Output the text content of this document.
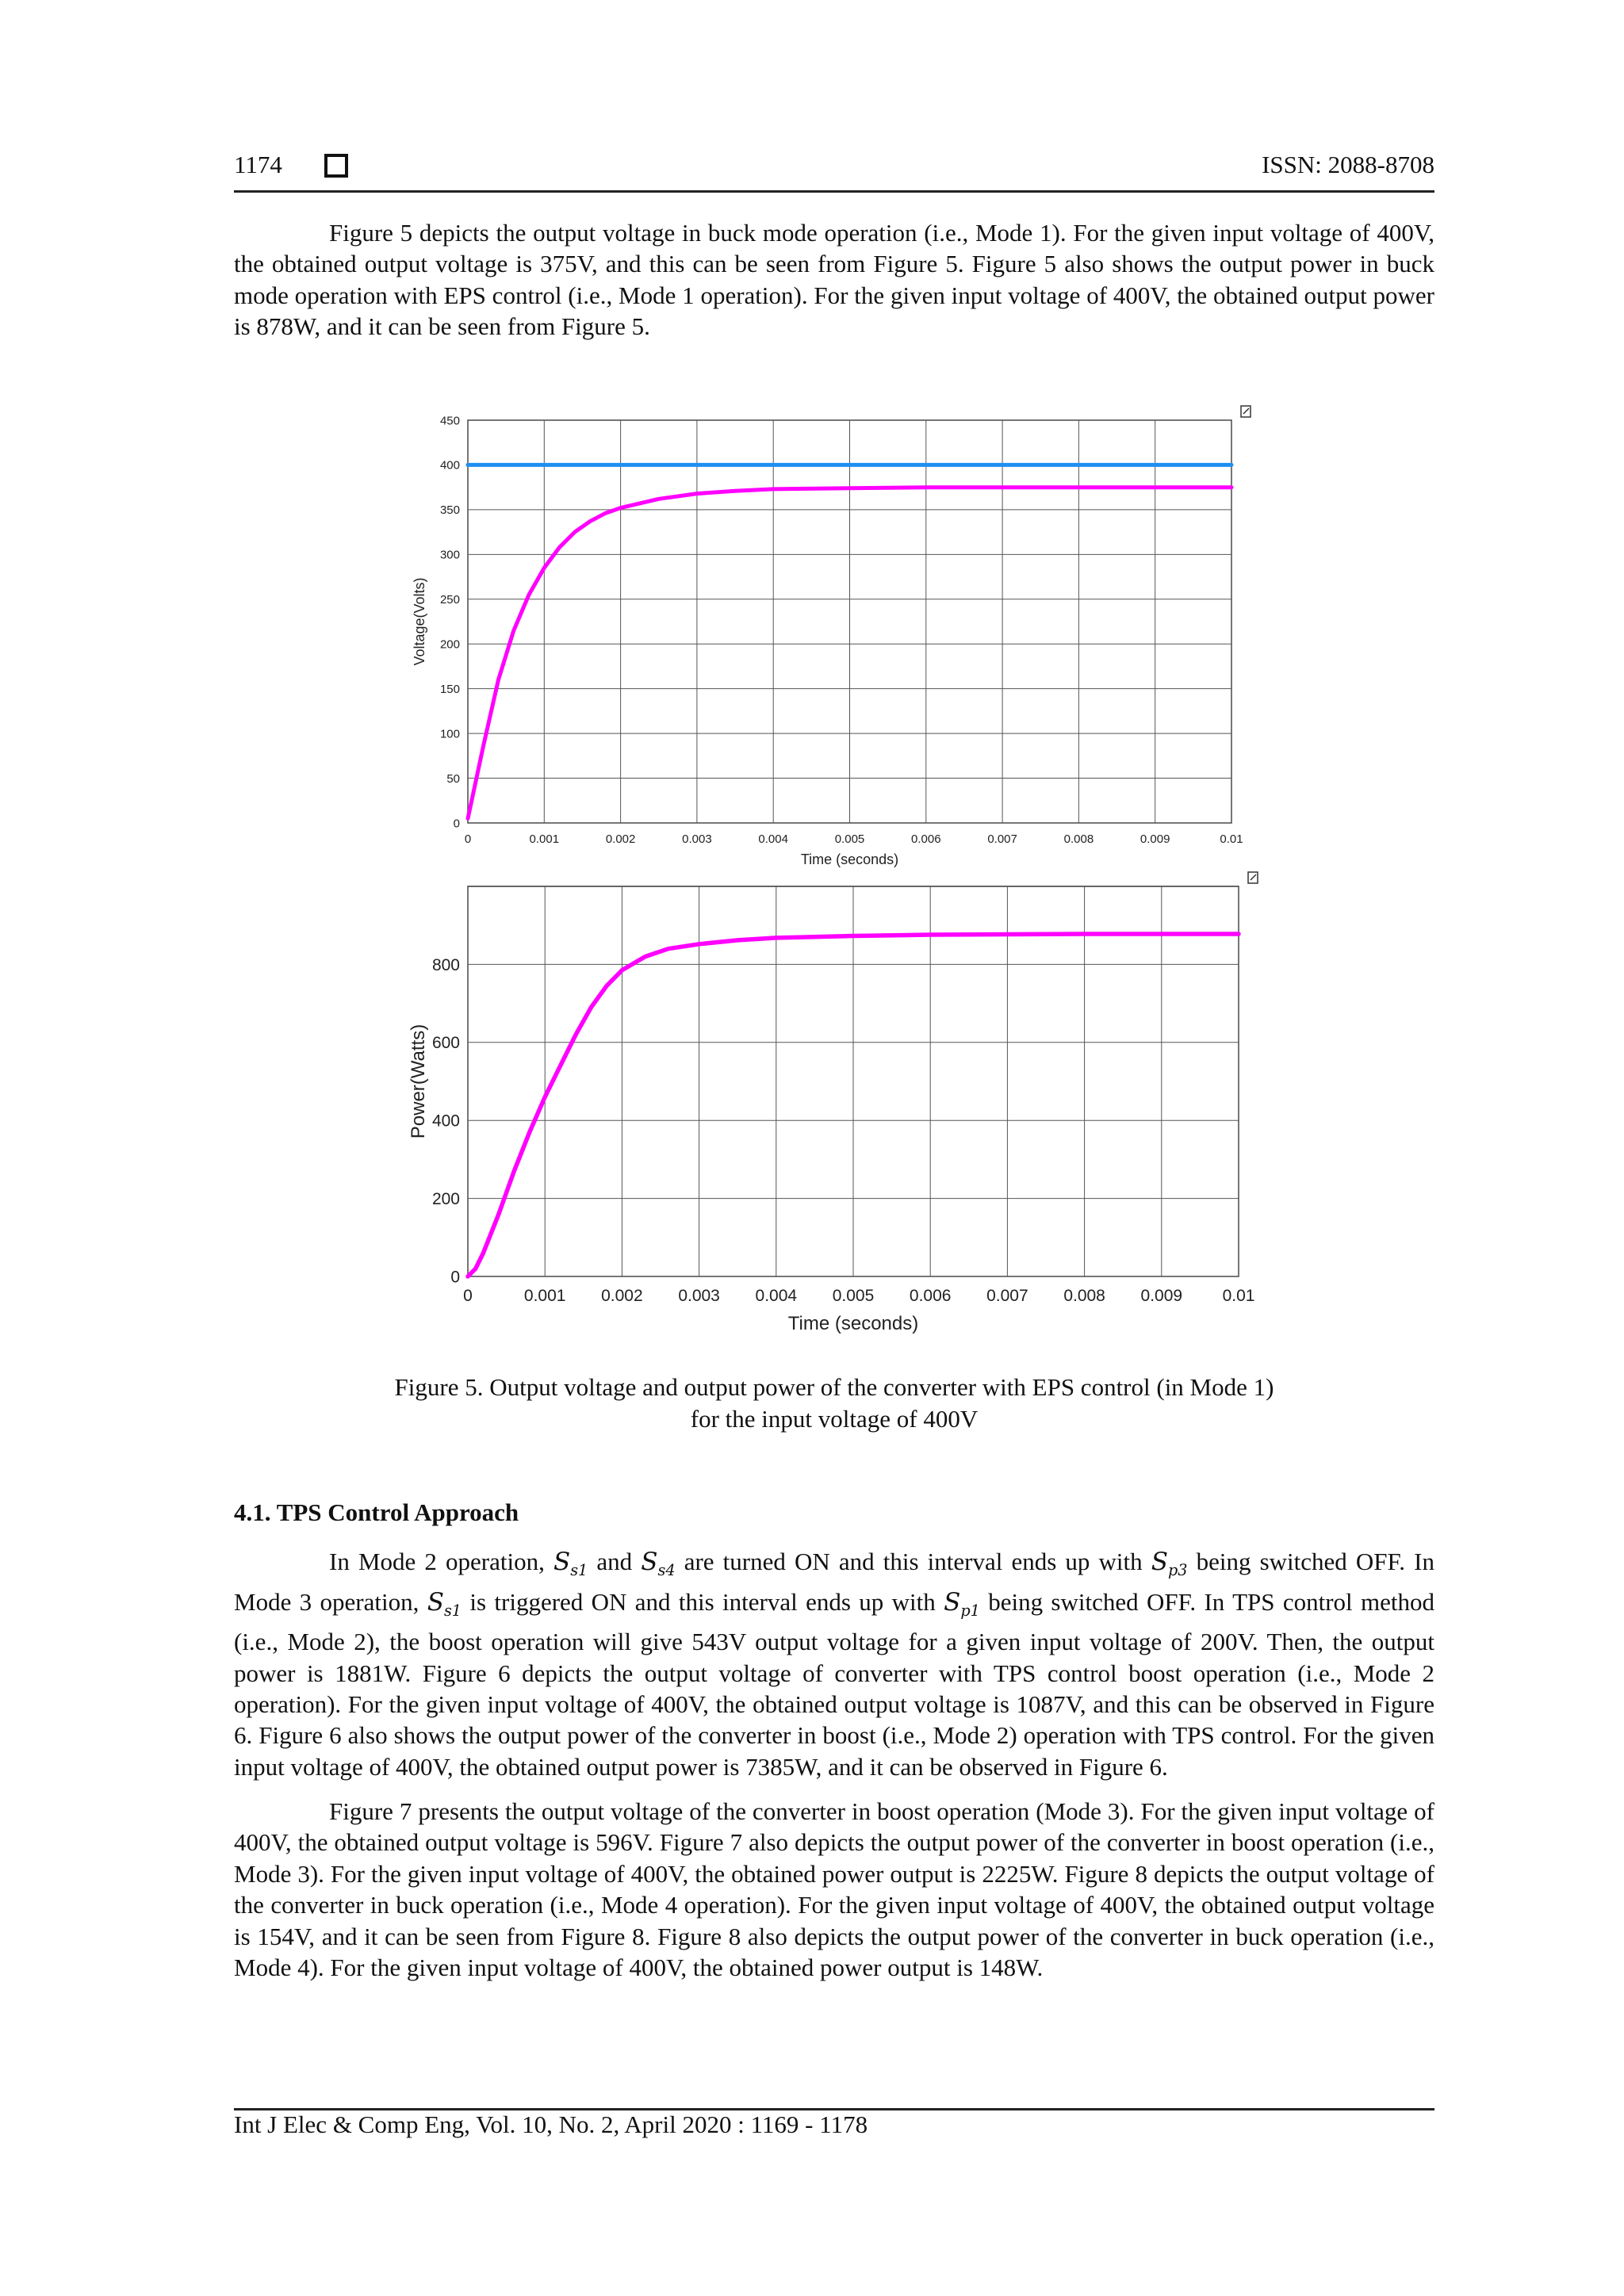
1174	ISSN: 2088-8708

Figure 5 depicts the output voltage in buck mode operation (i.e., Mode 1). For the given input voltage of 400V, the obtained output voltage is 375V, and this can be seen from Figure 5. Figure 5 also shows the output power in buck mode operation with EPS control (i.e., Mode 1 operation). For the given input voltage of 400V, the obtained output power is 878W, and it can be seen from Figure 5.

0	0.001	0.002	0.003	0.004	0.005	0.006	0.007	0.008	0.009	0.01
0
50
100
150
200
250
300
350
400
450
Time (seconds)
Voltage(Volts)
0	0.001 0.002 0.003 0.004 0.005 0.006 0.007 0.008 0.009 0.01
0
200
400
600
800
Time (seconds)
Power(Watts)
Figure 5. Output voltage and output power of the converter with EPS control (in Mode 1)
for the input voltage of 400V
4.1. TPS Control Approach

In Mode 2 operation, $S_{s1}$ and $S_{s4}$ are turned ON and this interval ends up with $S_{p3}$ being switched OFF. In Mode 3 operation, $S_{s1}$ is triggered ON and this interval ends up with $S_{p1}$ being switched OFF. In TPS control method (i.e., Mode 2), the boost operation will give 543V output voltage for a given input voltage of 200V. Then, the output power is 1881W. Figure 6 depicts the output voltage of converter with TPS control boost operation (i.e., Mode 2 operation). For the given input voltage of 400V, the obtained output voltage is 1087V, and this can be observed in Figure 6. Figure 6 also shows the output power of the converter in boost (i.e., Mode 2) operation with TPS control. For the given input voltage of 400V, the obtained output power is 7385W, and it can be observed in Figure 6.

Figure 7 presents the output voltage of the converter in boost operation (Mode 3). For the given input voltage of 400V, the obtained output voltage is 596V. Figure 7 also depicts the output power of the converter in boost operation (i.e., Mode 3). For the given input voltage of 400V, the obtained power output is 2225W. Figure 8 depicts the output voltage of the converter in buck operation (i.e., Mode 4 operation). For the given input voltage of 400V, the obtained output voltage is 154V, and it can be seen from Figure 8. Figure 8 also depicts the output power of the converter in buck operation (i.e., Mode 4). For the given input voltage of 400V, the obtained power output is 148W.

Int J Elec & Comp Eng, Vol. 10, No. 2, April 2020 : 1169 - 1178
